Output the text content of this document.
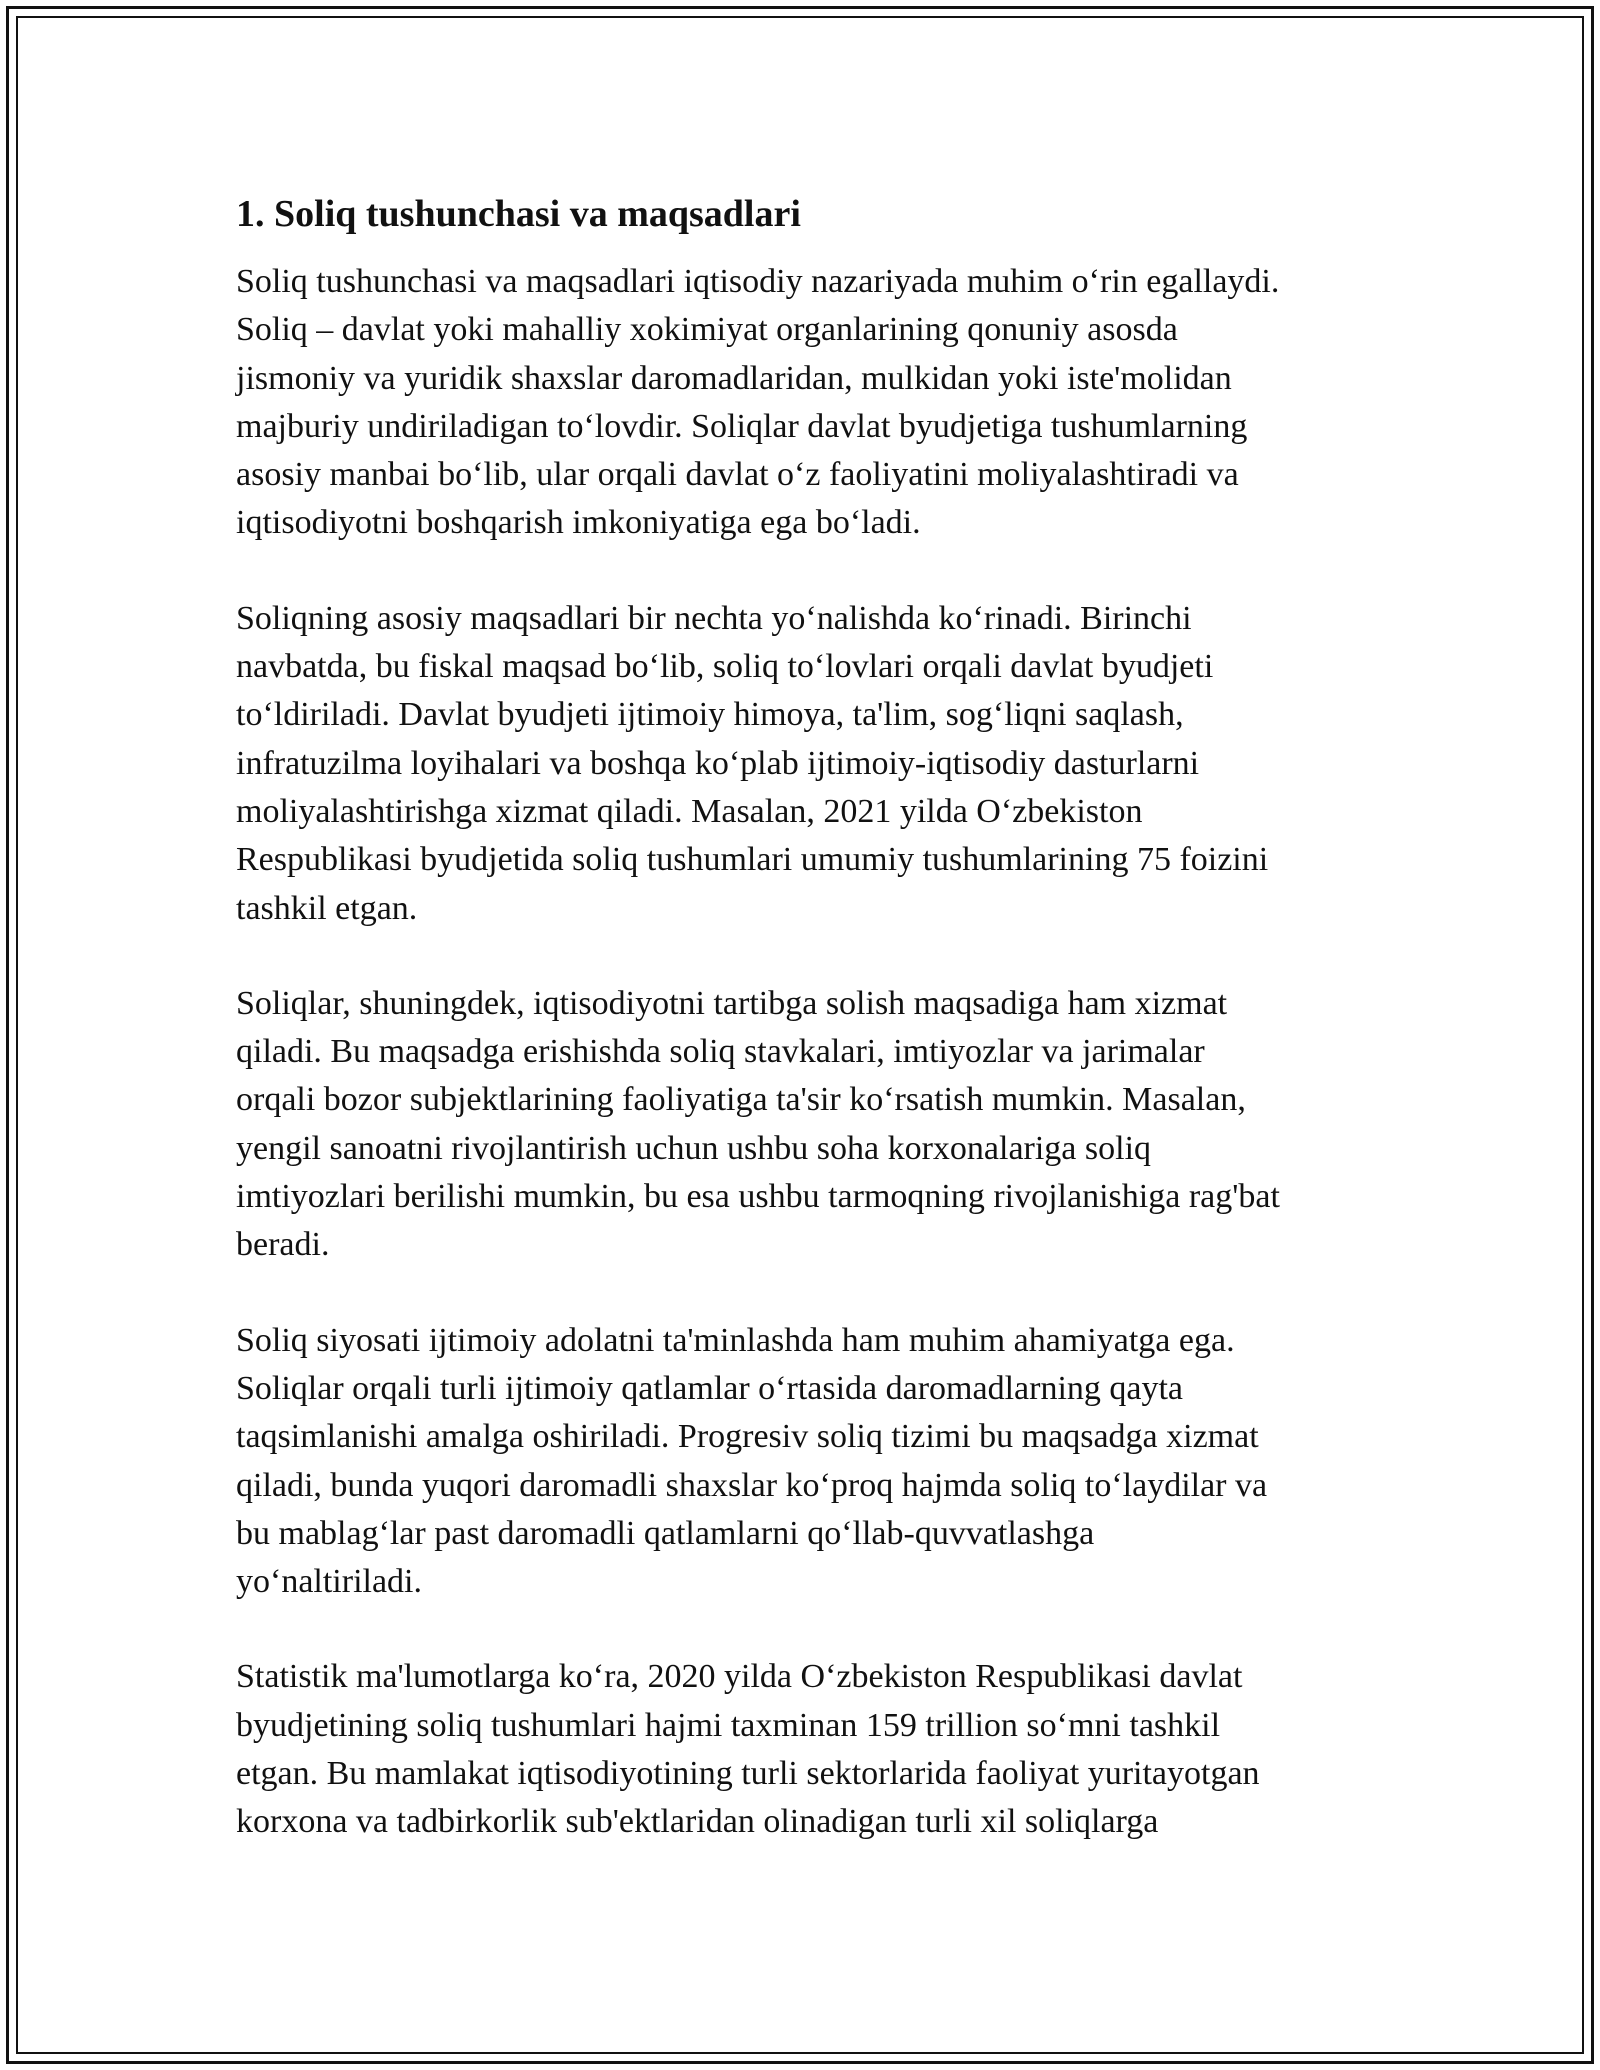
1. Soliq tushunchasi va maqsadlari
Soliq tushunchasi va maqsadlari iqtisodiy nazariyada muhim o‘rin egallaydi.
Soliq – davlat yoki mahalliy xokimiyat organlarining qonuniy asosda
jismoniy va yuridik shaxslar daromadlaridan, mulkidan yoki iste'molidan
majburiy undiriladigan to‘lovdir. Soliqlar davlat byudjetiga tushumlarning
asosiy manbai bo‘lib, ular orqali davlat o‘z faoliyatini moliyalashtiradi va
iqtisodiyotni boshqarish imkoniyatiga ega bo‘ladi.
Soliqning asosiy maqsadlari bir nechta yo‘nalishda ko‘rinadi. Birinchi
navbatda, bu fiskal maqsad bo‘lib, soliq to‘lovlari orqali davlat byudjeti
to‘ldiriladi. Davlat byudjeti ijtimoiy himoya, ta'lim, sog‘liqni saqlash,
infratuzilma loyihalari va boshqa ko‘plab ijtimoiy-iqtisodiy dasturlarni
moliyalashtirishga xizmat qiladi. Masalan, 2021 yilda O‘zbekiston
Respublikasi byudjetida soliq tushumlari umumiy tushumlarining 75 foizini
tashkil etgan.
Soliqlar, shuningdek, iqtisodiyotni tartibga solish maqsadiga ham xizmat
qiladi. Bu maqsadga erishishda soliq stavkalari, imtiyozlar va jarimalar
orqali bozor subjektlarining faoliyatiga ta'sir ko‘rsatish mumkin. Masalan,
yengil sanoatni rivojlantirish uchun ushbu soha korxonalariga soliq
imtiyozlari berilishi mumkin, bu esa ushbu tarmoqning rivojlanishiga rag'bat
beradi.
Soliq siyosati ijtimoiy adolatni ta'minlashda ham muhim ahamiyatga ega.
Soliqlar orqali turli ijtimoiy qatlamlar o‘rtasida daromadlarning qayta
taqsimlanishi amalga oshiriladi. Progresiv soliq tizimi bu maqsadga xizmat
qiladi, bunda yuqori daromadli shaxslar ko‘proq hajmda soliq to‘laydilar va
bu mablag‘lar past daromadli qatlamlarni qo‘llab-quvvatlashga
yo‘naltiriladi.
Statistik ma'lumotlarga ko‘ra, 2020 yilda O‘zbekiston Respublikasi davlat
byudjetining soliq tushumlari hajmi taxminan 159 trillion so‘mni tashkil
etgan. Bu mamlakat iqtisodiyotining turli sektorlarida faoliyat yuritayotgan
korxona va tadbirkorlik sub'ektlaridan olinadigan turli xil soliqlarga
